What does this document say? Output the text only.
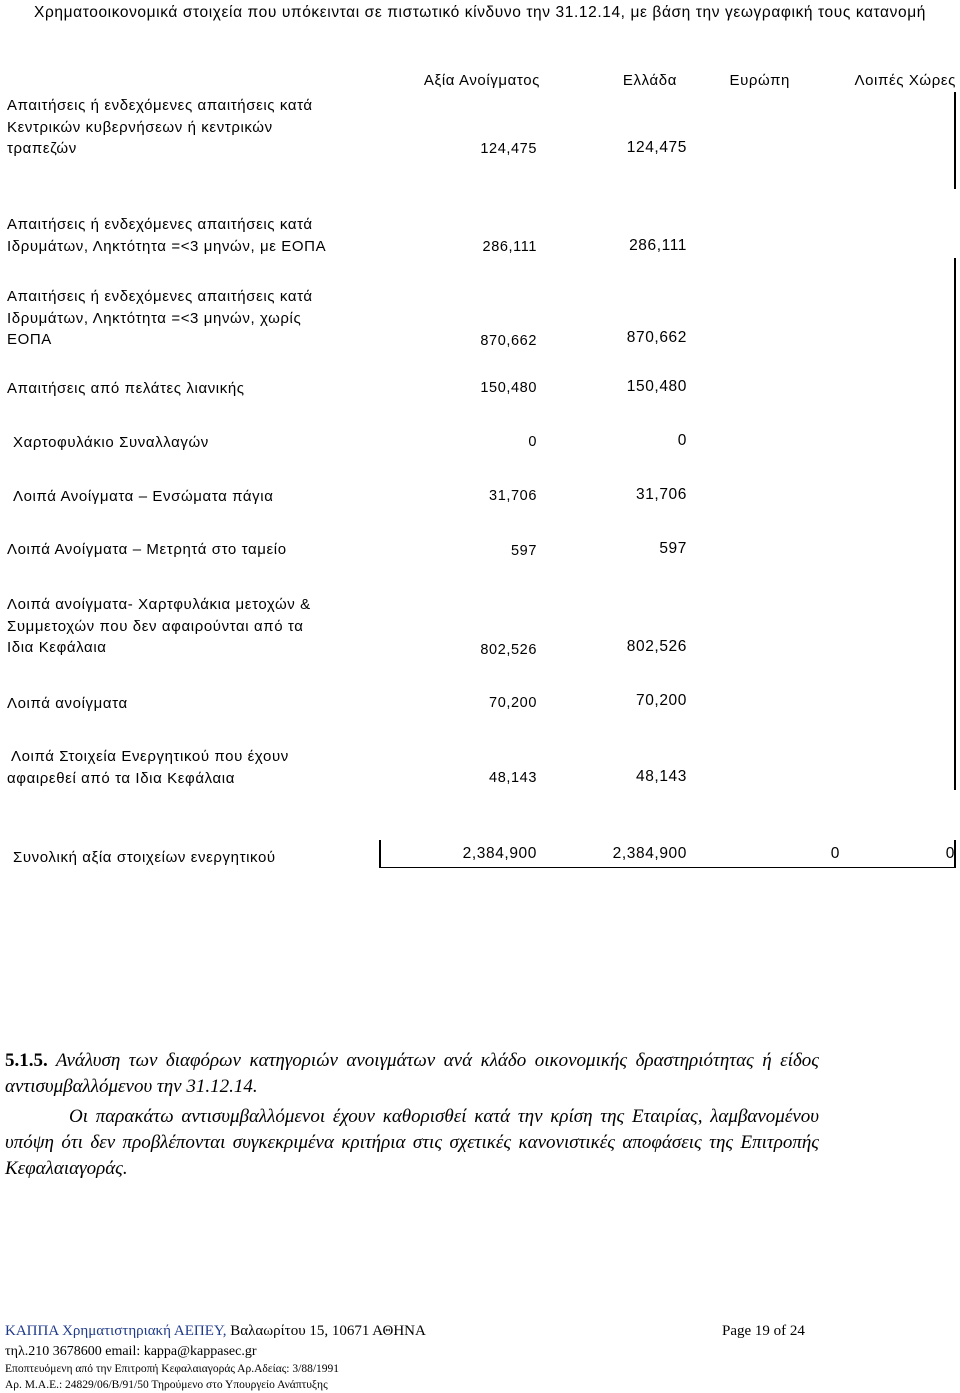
Χρηματοοικονομικά στοιχεία που υπόκεινται σε πιστωτικό κίνδυνο την 31.12.14, με βάση την γεωγραφική τους κατανομή
Αξία Ανοίγματος	Ελλάδα	Ευρώπη	Λοιπές Χώρες
Απαιτήσεις ή ενδεχόμενες απαιτήσεις κατά
Κεντρικών κυβερνήσεων ή κεντρικών
τραπεζών	124,475	124,475
Απαιτήσεις ή ενδεχόμενες απαιτήσεις κατά
Ιδρυμάτων, Ληκτότητα =<3 μηνών, με ΕΟΠΑ	286,111	286,111
Απαιτήσεις ή ενδεχόμενες απαιτήσεις κατά
Ιδρυμάτων, Ληκτότητα =<3 μηνών, χωρίς
ΕΟΠΑ	870,662	870,662
Απαιτήσεις από πελάτες λιανικής	150,480	150,480
Χαρτοφυλάκιο Συναλλαγών	0	0
Λοιπά Ανοίγματα – Ενσώματα πάγια	31,706	31,706
Λοιπά Ανοίγματα – Μετρητά στο ταμείο	597	597
Λοιπά ανοίγματα- Χαρτφυλάκια μετοχών &
Συμμετοχών που δεν αφαιρούνται από τα
Ιδια Κεφάλαια	802,526	802,526
Λοιπά ανοίγματα	70,200	70,200
Λοιπά Στοιχεία Ενεργητικού που έχουν
αφαιρεθεί από τα Ιδια Κεφάλαια	48,143	48,143
Συνολική αξία στοιχείων ενεργητικού	2,384,900	2,384,900	0	0
5.1.5. Ανάλυση των διαφόρων κατηγοριών ανοιγμάτων ανά κλάδο οικονομικής δραστηριότητας ή είδος αντισυμβαλλόμενου την 31.12.14.
Οι παρακάτω αντισυμβαλλόμενοι έχουν καθορισθεί κατά την κρίση της Εταιρίας, λαμβανομένου υπόψη ότι δεν προβλέπονται συγκεκριμένα κριτήρια στις σχετικές κανονιστικές αποφάσεις της Επιτροπής Κεφαλαιαγοράς.
ΚΑΠΠΑ Χρηματιστηριακή ΑΕΠΕΥ, Βαλαωρίτου 15, 10671 ΑΘΗΝΑ	Page 19 of 24
τηλ.210 3678600 email: kappa@kappasec.gr
Εποπτευόμενη από την Επιτροπή Κεφαλαιαγοράς Αρ.Αδείας: 3/88/1991
Αρ. Μ.Α.Ε.: 24829/06/Β/91/50 Τηρούμενο στο Υπουργείο Ανάπτυξης
